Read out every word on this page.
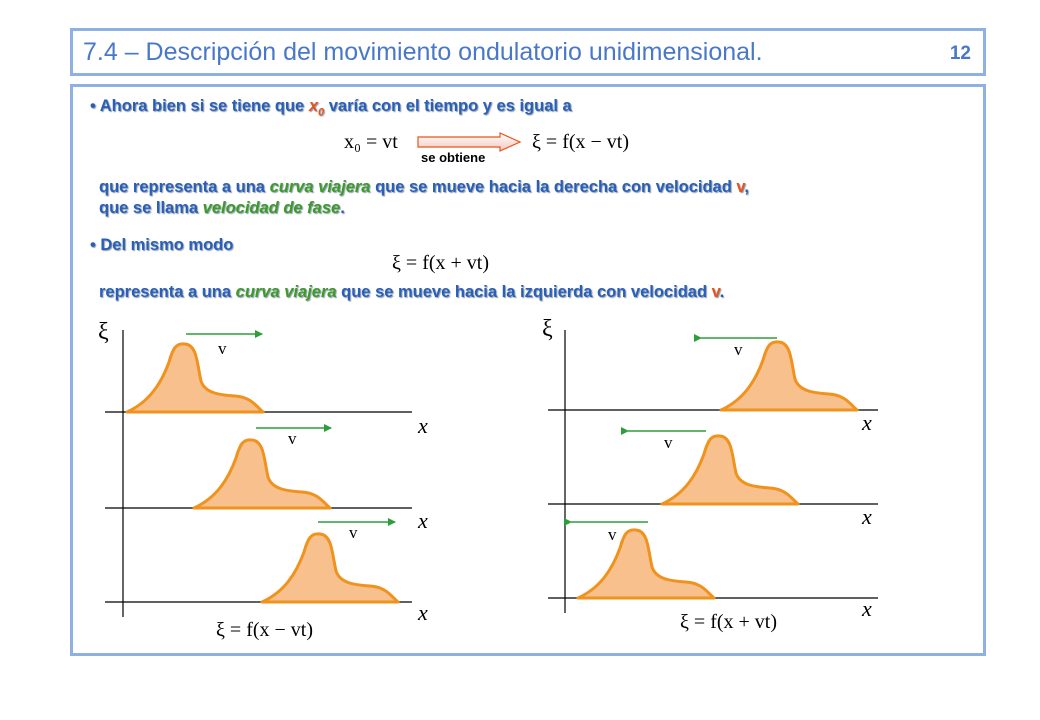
7.4 – Descripción del movimiento ondulatorio unidimensional.	12
• Ahora bien si se tiene que $x_0$ varía con el tiempo y es igual a
x₀ = vt
se obtiene
ξ = f(x − vt)
que representa a una curva viajera que se mueve hacia la derecha con velocidad v,
que se llama velocidad de fase.
• Del mismo modo
ξ = f(x + vt)
representa a una curva viajera que se mueve hacia la izquierda con velocidad v.
ξ	ξ
x
x
x
x
x
x
v
v
v
v
v
v
ξ = f(x − vt)	ξ = f(x + vt)
